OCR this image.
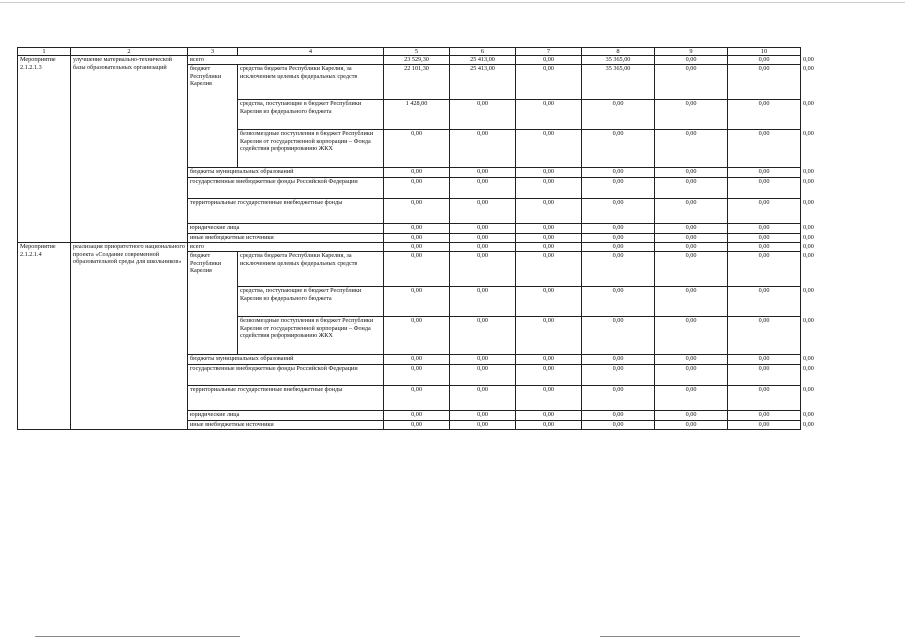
1	2	3	4	5	6	7	8	9	10	
Мероприятие 2.1.2.1.3	улучшение материально-технической базы образовательных организаций	всего		23 529,30	25 413,00	0,00	35 365,00	0,00	0,00	0,00
		бюджет Республики Карелия	средства бюджета Республики Карелия, за исключением целевых федеральных средств	22 101,30	25 413,00	0,00	35 365,00	0,00	0,00	0,00
			средства, поступающие в бюджет Республики Карелия из федерального бюджета	1 428,00	0,00	0,00	0,00	0,00	0,00	0,00
			безвозмездные поступления в бюджет Республики Карелия от государственной корпорации – Фонда содействия реформированию ЖКХ	0,00	0,00	0,00	0,00	0,00	0,00	0,00
		бюджеты муниципальных образований		0,00	0,00	0,00	0,00	0,00	0,00	0,00
		государственные внебюджетные фонды Российской Федерации		0,00	0,00	0,00	0,00	0,00	0,00	0,00
		территориальные государственные внебюджетные фонды		0,00	0,00	0,00	0,00	0,00	0,00	0,00
		юридические лица		0,00	0,00	0,00	0,00	0,00	0,00	0,00
		иные внебюджетные источники		0,00	0,00	0,00	0,00	0,00	0,00	0,00
Мероприятие 2.1.2.1.4	реализация приоритетного национального проекта «Создание современной образовательной среды для школьников»	всего		0,00	0,00	0,00	0,00	0,00	0,00	0,00
		бюджет Республики Карелия	средства бюджета Республики Карелия, за исключением целевых федеральных средств	0,00	0,00	0,00	0,00	0,00	0,00	0,00
			средства, поступающие в бюджет Республики Карелия из федерального бюджета	0,00	0,00	0,00	0,00	0,00	0,00	0,00
			безвозмездные поступления в бюджет Республики Карелия от государственной корпорации – Фонда содействия реформированию ЖКХ	0,00	0,00	0,00	0,00	0,00	0,00	0,00
		бюджеты муниципальных образований		0,00	0,00	0,00	0,00	0,00	0,00	0,00
		государственные внебюджетные фонды Российской Федерации		0,00	0,00	0,00	0,00	0,00	0,00	0,00
		территориальные государственные внебюджетные фонды		0,00	0,00	0,00	0,00	0,00	0,00	0,00
		юридические лица		0,00	0,00	0,00	0,00	0,00	0,00	0,00
		иные внебюджетные источники		0,00	0,00	0,00	0,00	0,00	0,00	0,00
